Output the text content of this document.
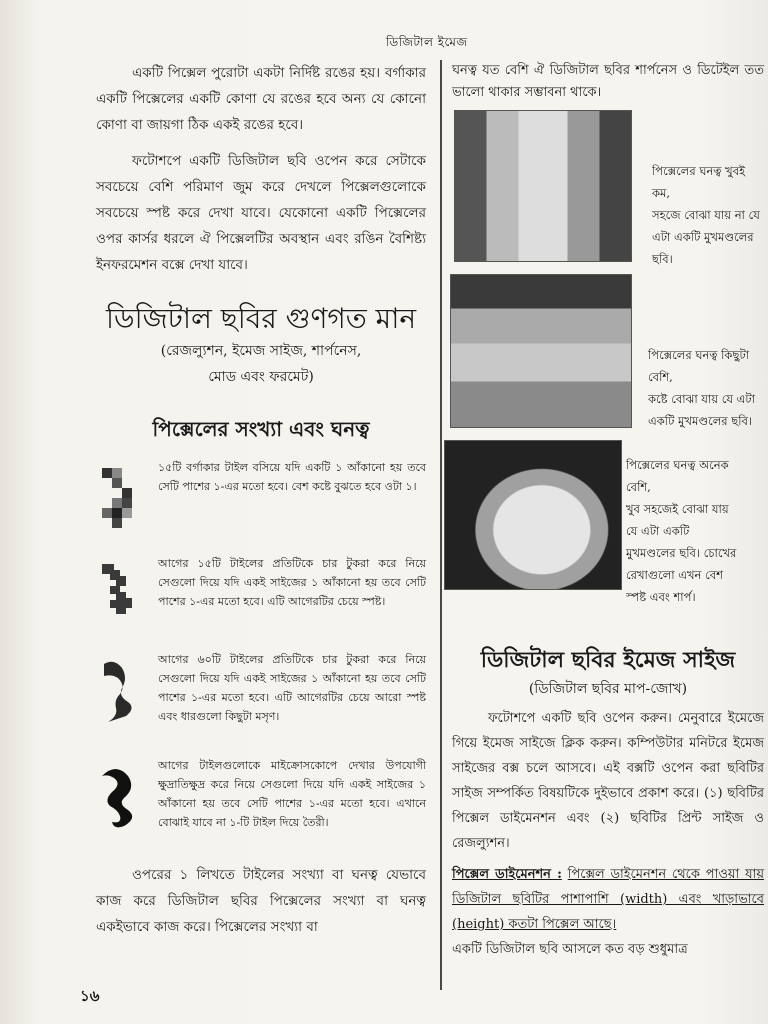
ডিজিটাল ইমেজ

একটি পিক্সেল পুরোটা একটা নির্দিষ্ট রঙের হয়। বর্গাকার একটি পিক্সেলের একটি কোণা যে রঙের হবে অন্য যে কোনো কোণা বা জায়গা ঠিক একই রঙের হবে।

ফটোশপে একটি ডিজিটাল ছবি ওপেন করে সেটাকে সবচেয়ে বেশি পরিমাণ জুম করে দেখলে পিক্সেলগুলোকে সবচেয়ে স্পষ্ট করে দেখা যাবে। যেকোনো একটি পিক্সেলের ওপর কার্সর ধরলে ঐ পিক্সেলটির অবস্থান এবং রঙিন বৈশিষ্ট্য ইনফরমেশন বক্সে দেখা যাবে।

ডিজিটাল ছবির গুণগত মান
(রেজল্যুশন, ইমেজ সাইজ, শার্পনেস,
মোড এবং ফরমেট)
পিক্সেলের সংখ্যা এবং ঘনত্ব
১৫টি বর্গাকার টাইল বসিয়ে যদি একটি ১ আঁকানো হয় তবে সেটি পাশের ১-এর মতো হবে। বেশ কষ্টে বুঝতে হবে ওটা ১।
আগের ১৫টি টাইলের প্রতিটিকে চার টুকরা করে নিয়ে সেগুলো দিয়ে যদি একই সাইজের ১ আঁকানো হয় তবে সেটি পাশের ১-এর মতো হবে। এটি আগেরটির চেয়ে স্পষ্ট।
আগের ৬০টি টাইলের প্রতিটিকে চার টুকরা করে নিয়ে সেগুলো দিয়ে যদি একই সাইজের ১ আঁকানো হয় তবে সেটি পাশের ১-এর মতো হবে। এটি আগেরটির চেয়ে আরো স্পষ্ট এবং ধারগুলো কিছুটা মসৃণ।
আগের টাইলগুলোকে মাইক্রোসকোপে দেখার উপযোগী ক্ষুদ্রাতিক্ষুদ্র করে নিয়ে সেগুলো দিয়ে যদি একই সাইজের ১ আঁকানো হয় তবে সেটি পাশের ১-এর মতো হবে। এখানে বোঝাই যাবে না ১-টি টাইল দিয়ে তৈরী।

ওপরের ১ লিখতে টাইলের সংখ্যা বা ঘনত্ব যেভাবে কাজ করে ডিজিটাল ছবির পিক্সেলের সংখ্যা বা ঘনত্ব একইভাবে কাজ করে। পিক্সেলের সংখ্যা বা

ঘনত্ব যত বেশি ঐ ডিজিটাল ছবির শার্পনেস ও ডিটেইল তত ভালো থাকার সম্ভাবনা থাকে।

পিক্সেলের ঘনত্ব খুবই
কম,
সহজে বোঝা যায় না যে
এটা একটি মুখমণ্ডলের
ছবি।
পিক্সেলের ঘনত্ব কিছুটা
বেশি,
কষ্টে বোঝা যায় যে এটা
একটি মুখমণ্ডলের ছবি।
পিক্সেলের ঘনত্ব অনেক
বেশি,
খুব সহজেই বোঝা যায়
যে এটা একটি
মুখমণ্ডলের ছবি। চোখের
রেখাগুলো এখন বেশ
স্পষ্ট এবং শার্প।
ডিজিটাল ছবির ইমেজ সাইজ
(ডিজিটাল ছবির মাপ-জোখ)

ফটোশপে একটি ছবি ওপেন করুন। মেনুবারে ইমেজে গিয়ে ইমেজ সাইজে ক্লিক করুন। কম্পিউটার মনিটরে ইমেজ সাইজের বক্স চলে আসবে। এই বক্সটি ওপেন করা ছবিটির সাইজ সম্পর্কিত বিষয়টিকে দুইভাবে প্রকাশ করে। (১) ছবিটির পিক্সেল ডাইমেনশন এবং (২) ছবিটির প্রিন্ট সাইজ ও রেজল্যুশন।

পিক্সেল ডাইমেনশন : পিক্সেল ডাইমেনশন থেকে পাওয়া যায় ডিজিটাল ছবিটির পাশাপাশি (width) এবং খাড়াভাবে (height) কতটা পিক্সেল আছে।

একটি ডিজিটাল ছবি আসলে কত বড় শুধুমাত্র

১৬
